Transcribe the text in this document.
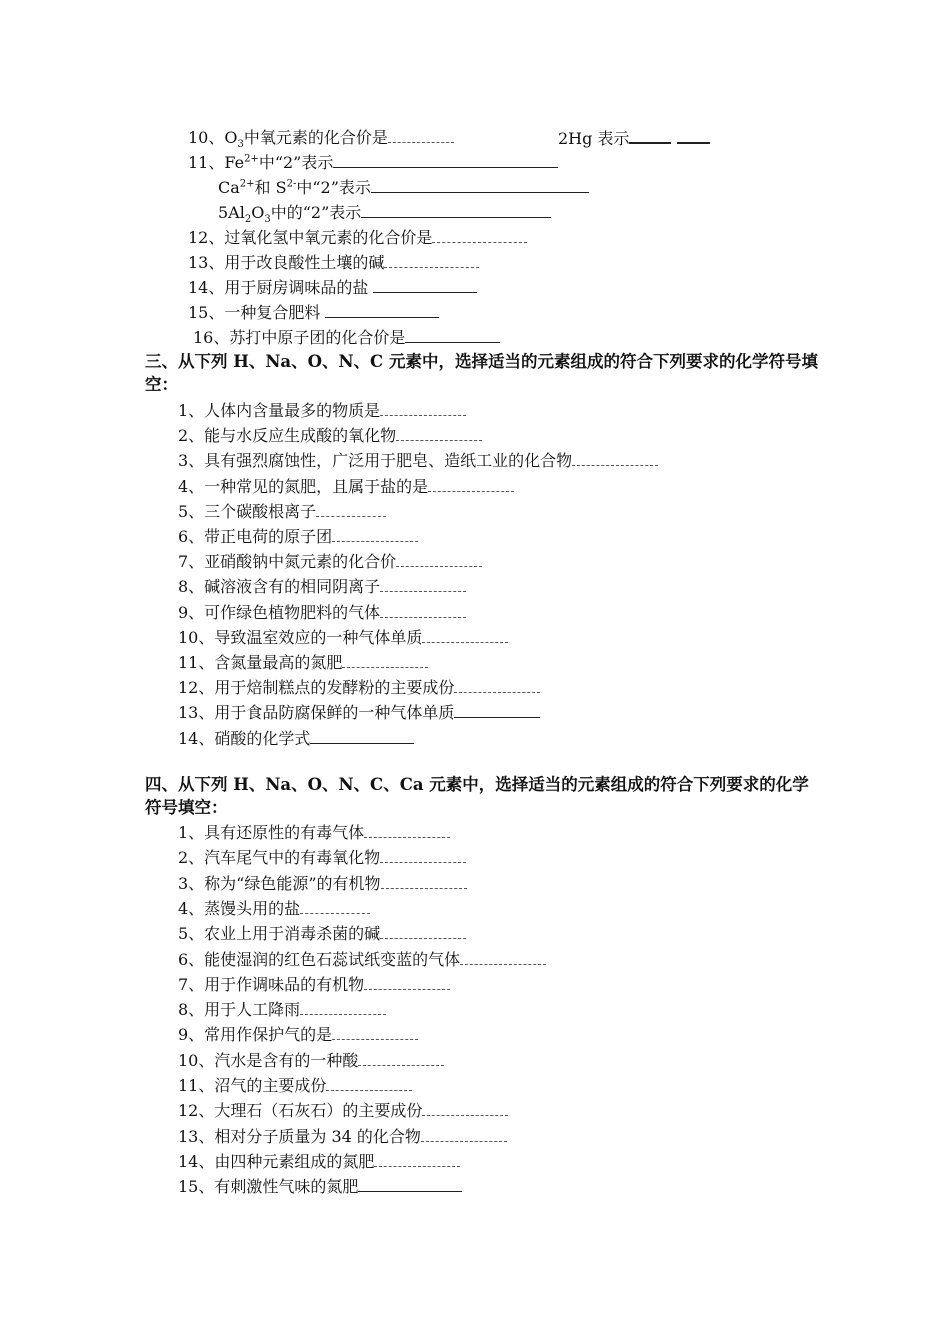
10、$O_3$中氧元素的化合价是	2Hg 表示
11、$Fe^{2+}$中“2”表示
$Ca^{2+}$和 $S^{2-}$中“2”表示
$5Al_2O_3$中的“2”表示
12、过氧化氢中氧元素的化合价是
13、用于改良酸性土壤的碱
14、用于厨房调味品的盐
15、一种复合肥料
16、苏打中原子团的化合价是
三、从下列 H、Na、O、N、C 元素中，选择适当的元素组成的符合下列要求的化学符号填空：
1、人体内含量最多的物质是
2、能与水反应生成酸的氧化物
3、具有强烈腐蚀性，广泛用于肥皂、造纸工业的化合物
4、一种常见的氮肥，且属于盐的是
5、三个碳酸根离子
6、带正电荷的原子团
7、亚硝酸钠中氮元素的化合价
8、碱溶液含有的相同阴离子
9、可作绿色植物肥料的气体
10、导致温室效应的一种气体单质
11、含氮量最高的氮肥
12、用于焙制糕点的发酵粉的主要成份
13、用于食品防腐保鲜的一种气体单质
14、硝酸的化学式
四、从下列 H、Na、O、N、C、Ca 元素中，选择适当的元素组成的符合下列要求的化学符号填空：
1、具有还原性的有毒气体
2、汽车尾气中的有毒氧化物
3、称为“绿色能源”的有机物
4、蒸馒头用的盐
5、农业上用于消毒杀菌的碱
6、能使湿润的红色石蕊试纸变蓝的气体
7、用于作调味品的有机物
8、用于人工降雨
9、常用作保护气的是
10、汽水是含有的一种酸
11、沼气的主要成份
12、大理石（石灰石）的主要成份
13、相对分子质量为 34 的化合物
14、由四种元素组成的氮肥
15、有刺激性气味的氮肥
